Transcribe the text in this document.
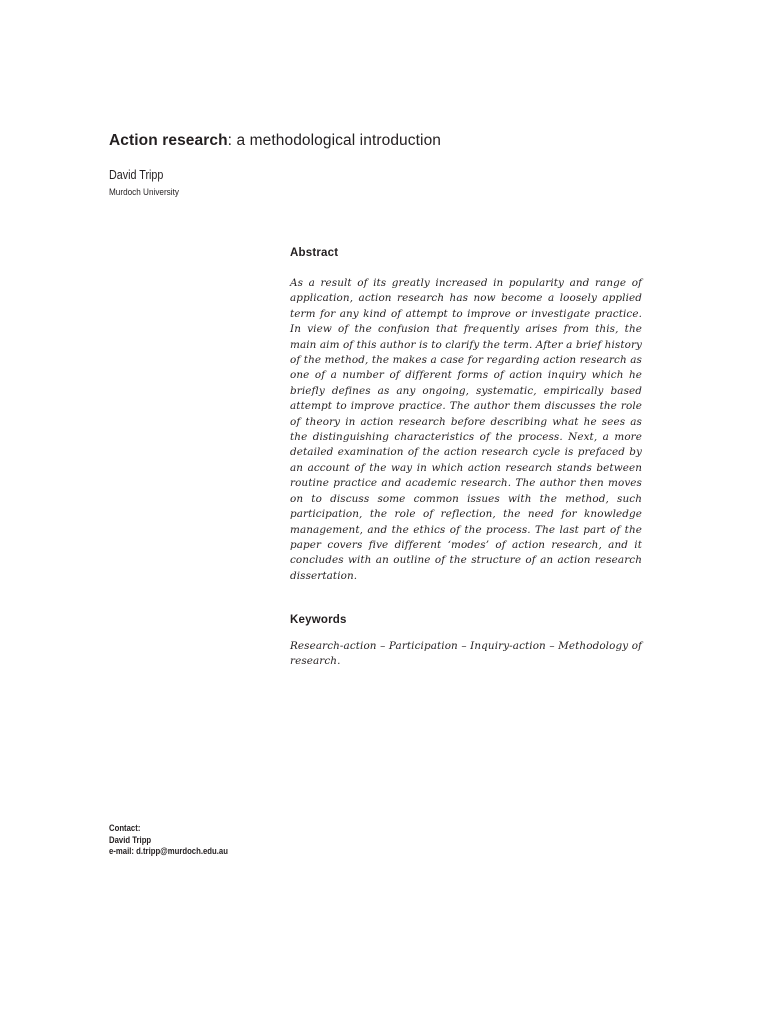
Action research: a methodological introduction
David Tripp
Murdoch University
Abstract
As a result of its greatly increased in popularity and range of application, action research has now become a loosely applied term for any kind of attempt to improve or investigate practice. In view of the confusion that frequently arises from this, the main aim of this author is to clarify the term. After a brief history of the method, the makes a case for regarding action research as one of a number of different forms of action inquiry which he briefly defines as any ongoing, systematic, empirically based attempt to improve practice. The author them discusses the role of theory in action research before describing what he sees as the distinguishing characteristics of the process. Next, a more detailed examination of the action research cycle is prefaced by an account of the way in which action research stands between routine practice and academic research. The author then moves on to discuss some common issues with the method, such participation, the role of reflection, the need for knowledge management, and the ethics of the process. The last part of the paper covers five different ‘modes’ of action research, and it concludes with an outline of the structure of an action research dissertation.
Keywords
Research-action – Participation – Inquiry-action – Methodology of research.
Contact:
David Tripp
e-mail: d.tripp@murdoch.edu.au
